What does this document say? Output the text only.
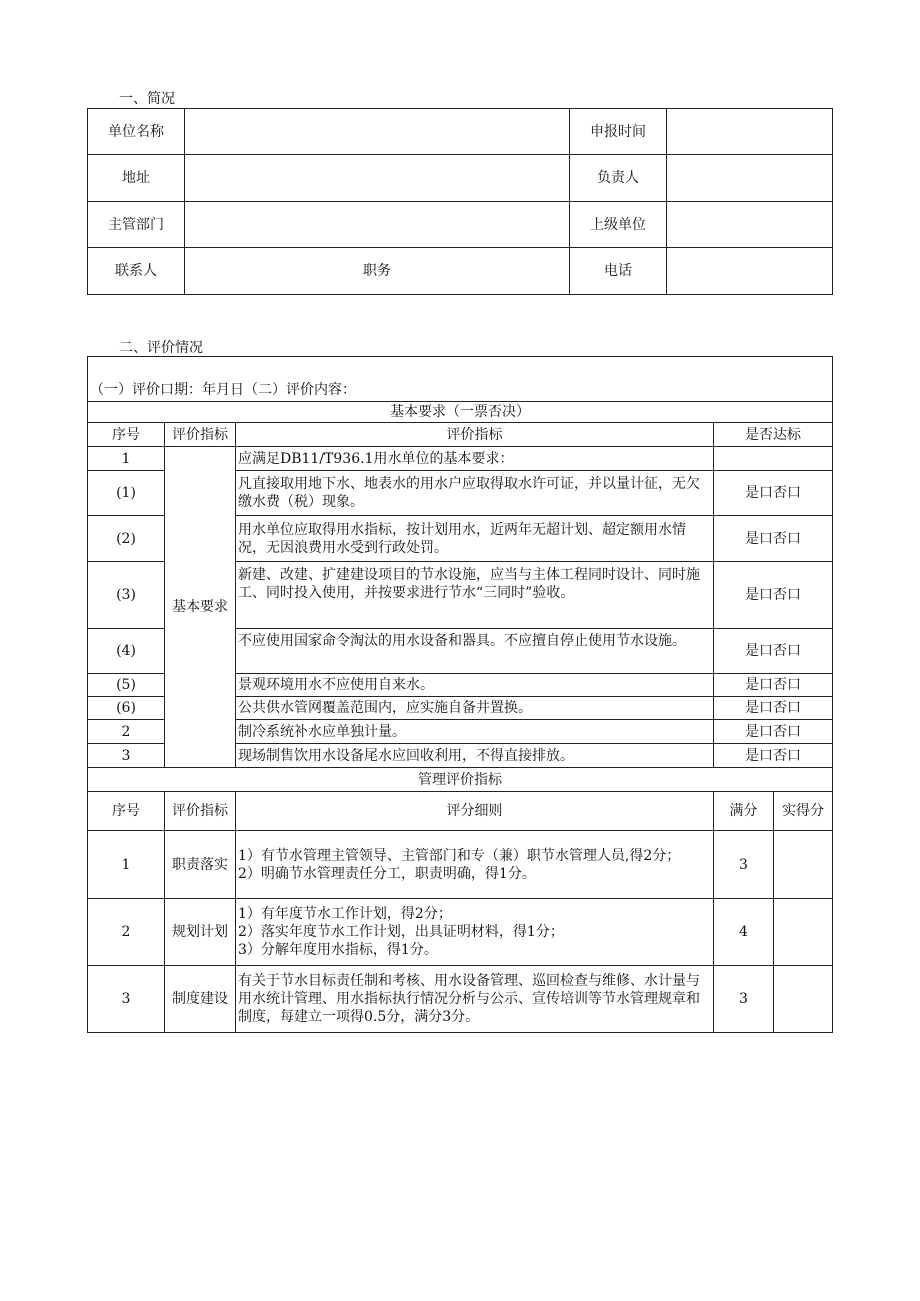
一、简况
单位名称		申报时间	
地址		负责人	
主管部门		上级单位	
联系人	职务	电话	
二、评价情况
（一）评价口期：年月日（二）评价内容：				
基本要求（一票否决）				
序号	评价指标	评价指标	是否达标	
1	基本要求	应满足DB11/T936.1用水单位的基本要求：		
(1)		凡直接取用地下水、地表水的用水户应取得取水许可证，并以量计征，无欠缴水费（税）现象。	是口否口	
(2)		用水单位应取得用水指标，按计划用水，近两年无超计划、超定额用水情况，无因浪费用水受到行政处罚。	是口否口	
(3)		新建、改建、扩建建设项目的节水设施，应当与主体工程同时设计、同时施工、同时投入使用，并按要求进行节水“三同时”验收。	是口否口	
(4)		不应使用国家命令淘汰的用水设备和器具。不应擅自停止使用节水设施。	是口否口	
(5)		景观环境用水不应使用自来水。	是口否口	
(6)		公共供水管网覆盖范围内，应实施自备井置换。	是口否口	
2		制冷系统补水应单独计量。	是口否口	
3		现场制售饮用水设备尾水应回收利用，不得直接排放。	是口否口	
管理评价指标				
序号	评价指标	评分细则	满分	实得分
1	职责落实	1）有节水管理主管领导、主管部门和专（兼）职节水管理人员,得2分；
2）明确节水管理责任分工，职责明确，得1分。	3	
2	规划计划	1）有年度节水工作计划，得2分；
2）落实年度节水工作计划，出具证明材料，得1分；
3）分解年度用水指标，得1分。	4	
3	制度建设	有关于节水目标责任制和考核、用水设备管理、巡回检查与维修、水计量与用水统计管理、用水指标执行情况分析与公示、宣传培训等节水管理规章和制度，每建立一项得0.5分，满分3分。	3	
